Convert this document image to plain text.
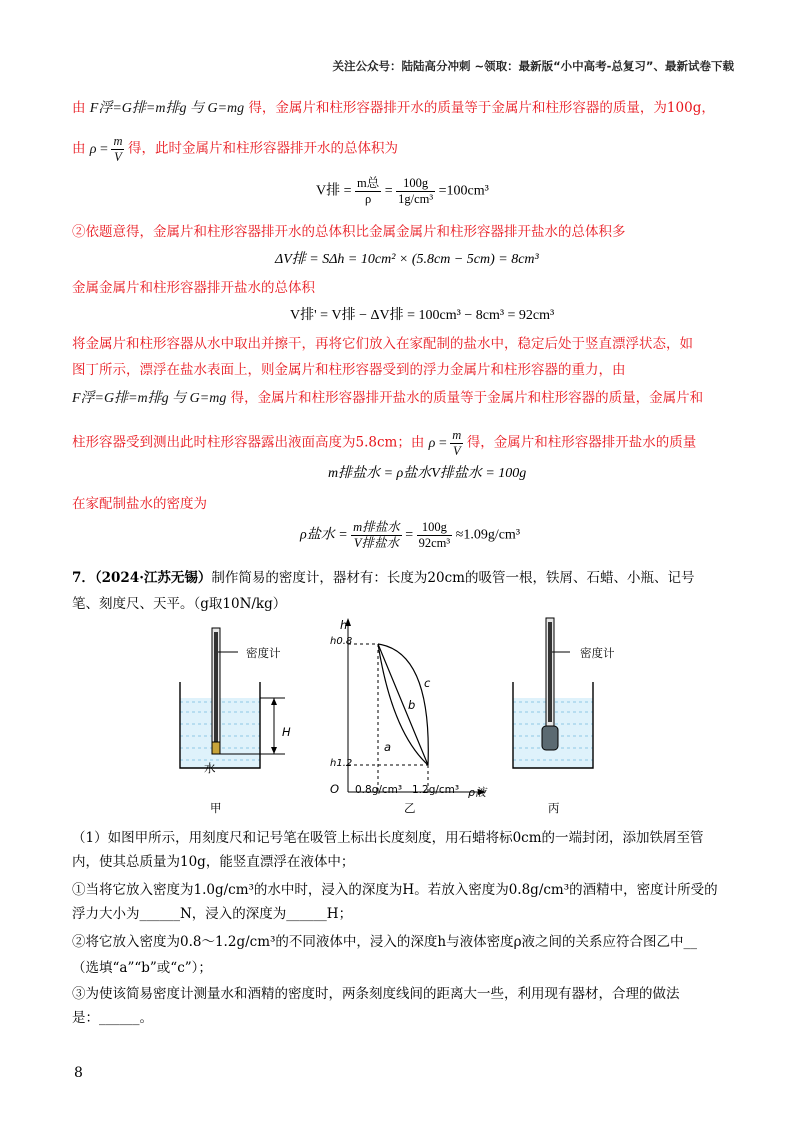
关注公众号：陆陆高分冲刺 ~领取：最新版“小中高考-总复习”、最新试卷下载
由 F浮=G排=m排g 与 G=mg 得，金属片和柱形容器排开水的质量等于金属片和柱形容器的质量，为100g，
由 $\rho = \frac{m}{V}$ 得，此时金属片和柱形容器排开水的总体积为
V排 = $\frac{\text{m总}}{\rho} = \frac{100g}{\text{1g/cm³}} =100cm^3$
②依题意得，金属片和柱形容器排开水的总体积比金属金属片和柱形容器排开盐水的总体积多
ΔV排 = SΔh = 10cm² × (5.8cm − 5cm) = 8cm³
金属金属片和柱形容器排开盐水的总体积
V排' = V排 − ΔV排 = 100cm³ − 8cm³ = 92cm³
将金属片和柱形容器从水中取出并擦干，再将它们放入在家配制的盐水中，稳定后处于竖直漂浮状态，如
图丁所示，漂浮在盐水表面上，则金属片和柱形容器受到的浮力金属片和柱形容器的重力，由
F浮=G排=m排g 与 G=mg 得，金属片和柱形容器排开盐水的质量等于金属片和柱形容器的质量，金属片和
柱形容器受到测出此时柱形容器露出液面高度为5.8cm；由 $\rho = \frac{m}{V}$ 得，金属片和柱形容器排开盐水的质量
m排盐水 = ρ盐水V排盐水 = 100g
在家配制盐水的密度为
ρ盐水 = $\frac{\text{m排盐水}}{\text{V排盐水}} = \frac{100g}{\text{92cm³}} \approx 1.09g/cm^3$
7．（2024·江苏无锡）制作简易的密度计，器材有：长度为20cm的吸管一根，铁屑、石蜡、小瓶、记号
笔、刻度尺、天平。（g取10N/kg）
密度计
H
水
甲
h
h0.8
h1.2
O 0.8g/cm³ 1.2g/cm³ ρ液
a
b
c
乙
密度计
丙
（1）如图甲所示，用刻度尺和记号笔在吸管上标出长度刻度，用石蜡将标0cm的一端封闭，添加铁屑至管
内，使其总质量为10g，能竖直漂浮在液体中；
①当将它放入密度为1.0g/cm³的水中时，浸入的深度为H。若放入密度为0.8g/cm³的酒精中，密度计所受的
浮力大小为______N，浸入的深度为______H；
②将它放入密度为0.8～1.2g/cm³的不同液体中，浸入的深度h与液体密度ρ液之间的关系应符合图乙中__
（选填“a”“b”或“c”）；
③为使该简易密度计测量水和酒精的密度时，两条刻度线间的距离大一些，利用现有器材，合理的做法
是：______。
8
